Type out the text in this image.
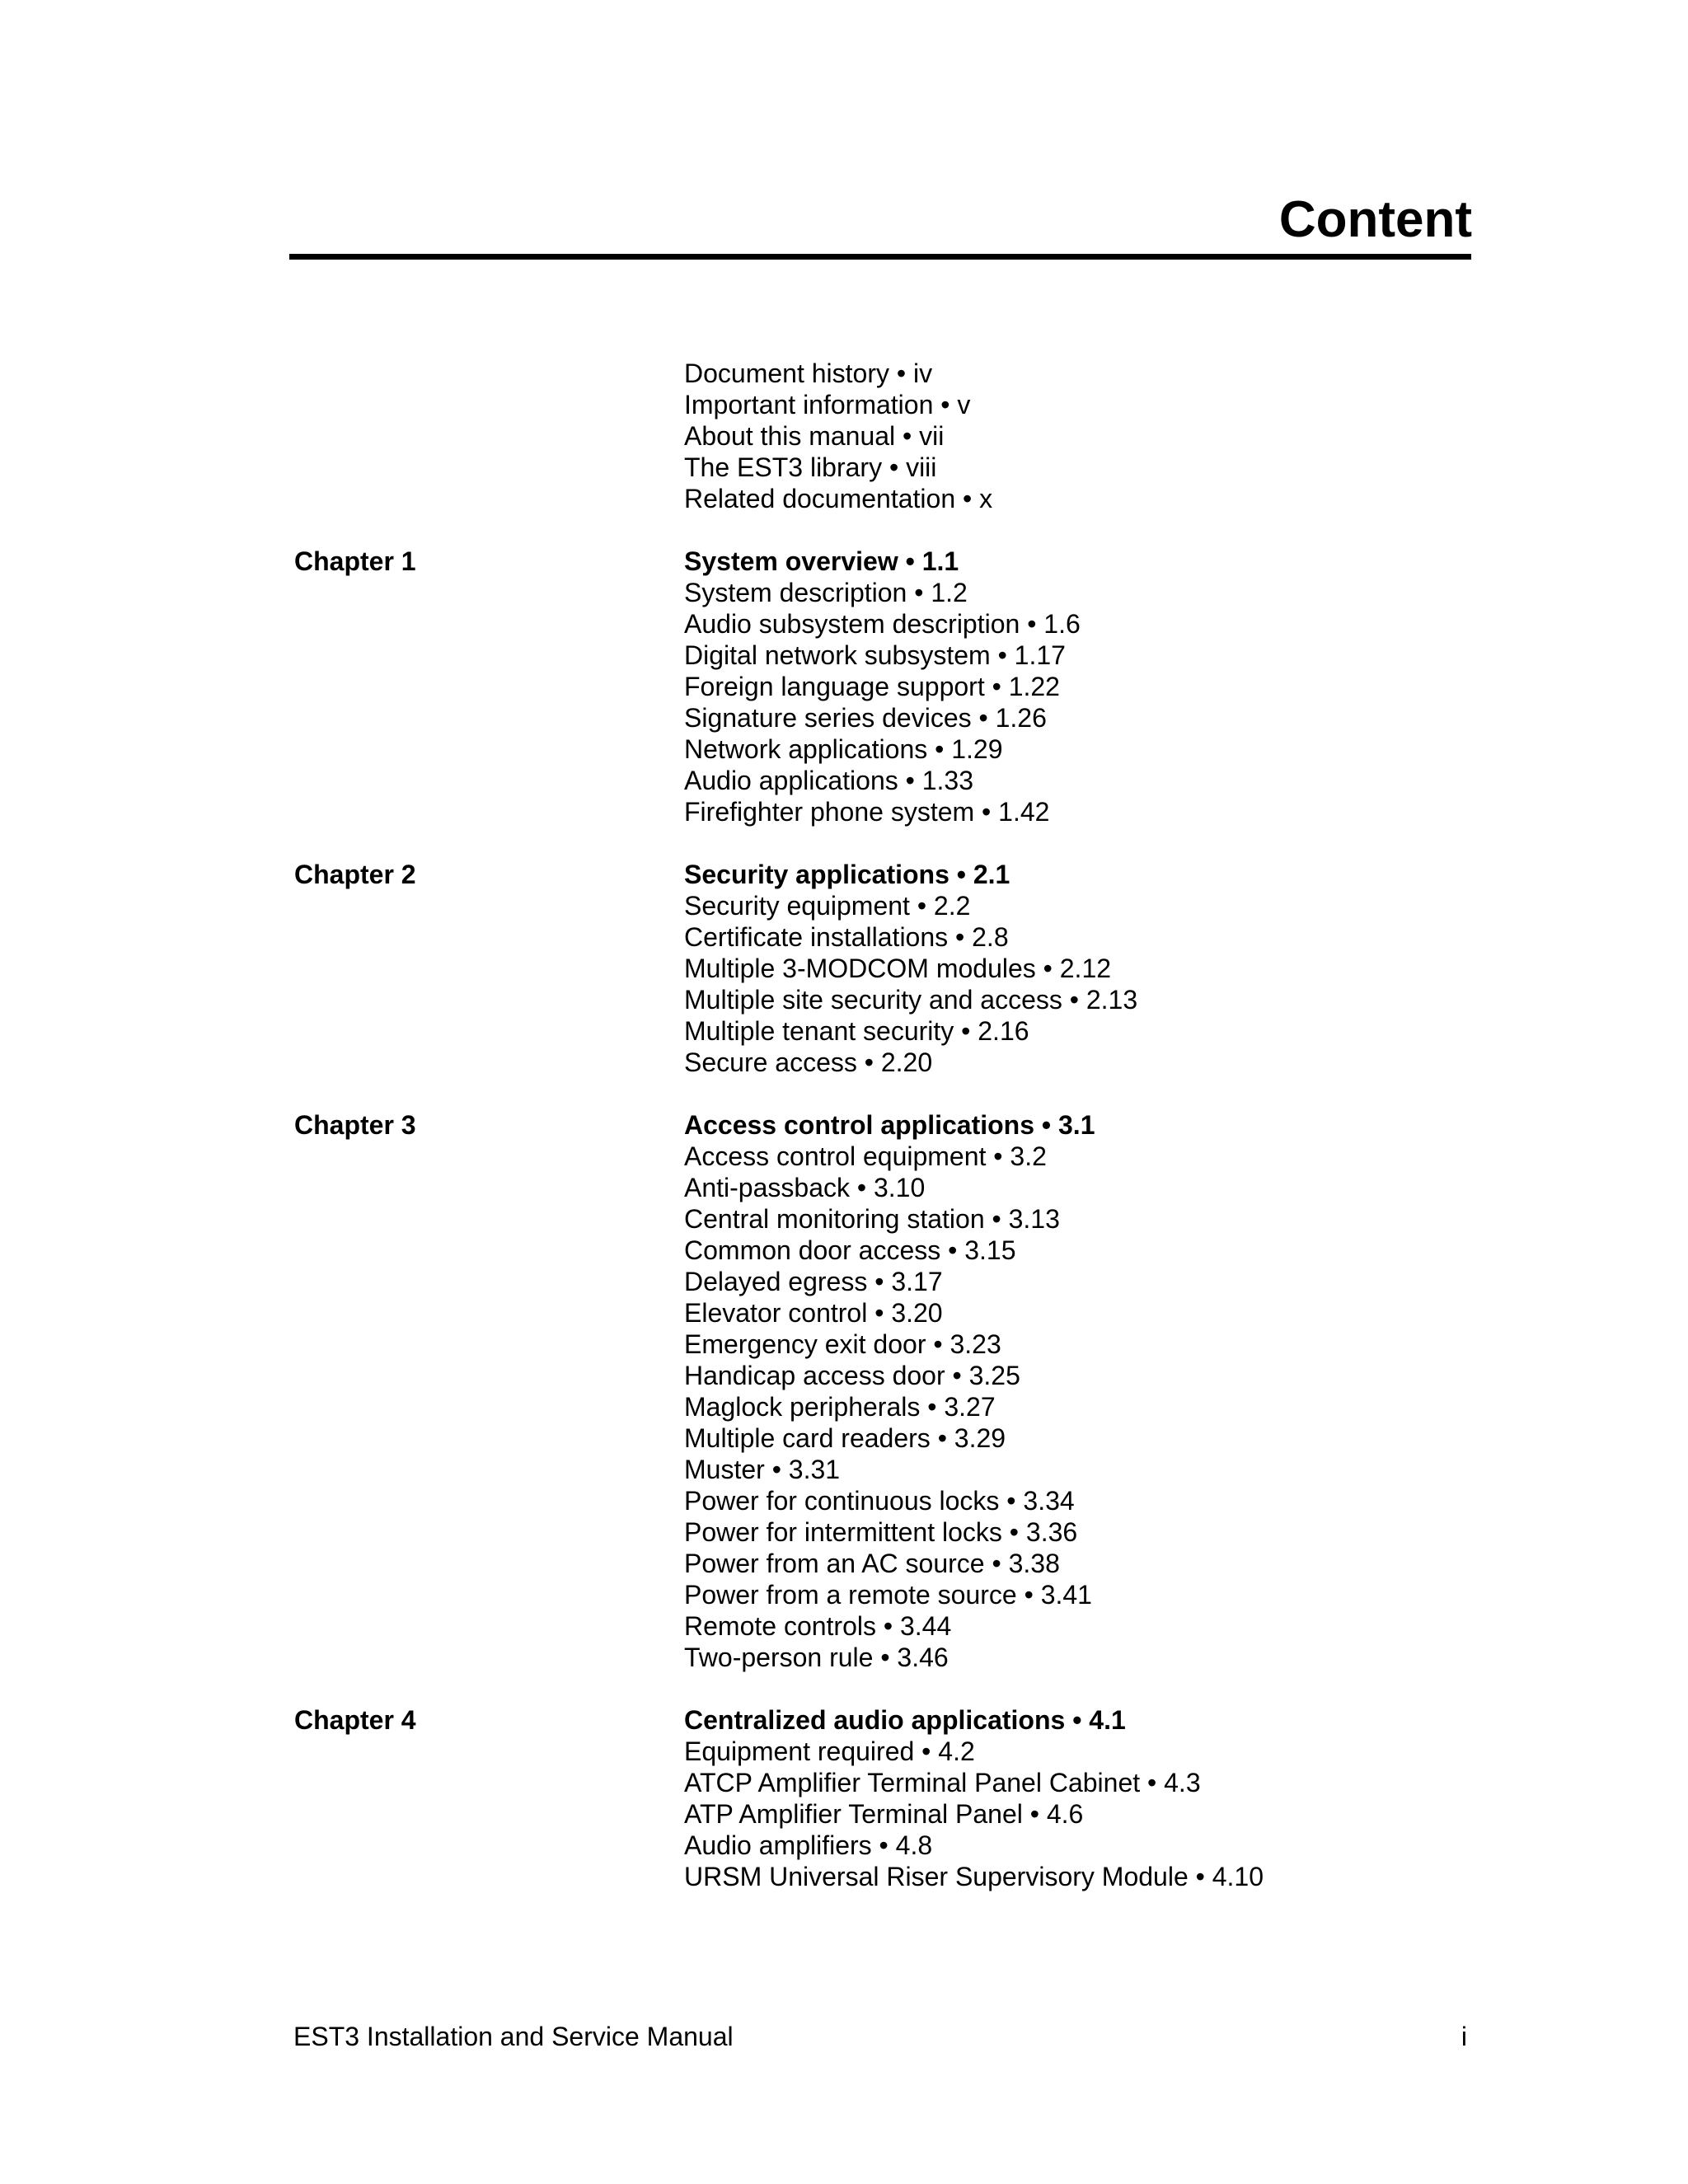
Content
Document history • iv
Important information • v
About this manual • vii
The EST3 library • viii
Related documentation • x
Chapter 1	System overview • 1.1
System description • 1.2
Audio subsystem description • 1.6
Digital network subsystem • 1.17
Foreign language support • 1.22
Signature series devices • 1.26
Network applications • 1.29
Audio applications • 1.33
Firefighter phone system • 1.42
Chapter 2	Security applications • 2.1
Security equipment • 2.2
Certificate installations • 2.8
Multiple 3-MODCOM modules • 2.12
Multiple site security and access • 2.13
Multiple tenant security • 2.16
Secure access • 2.20
Chapter 3	Access control applications • 3.1
Access control equipment • 3.2
Anti-passback • 3.10
Central monitoring station • 3.13
Common door access • 3.15
Delayed egress • 3.17
Elevator control • 3.20
Emergency exit door • 3.23
Handicap access door • 3.25
Maglock peripherals • 3.27
Multiple card readers • 3.29
Muster • 3.31
Power for continuous locks • 3.34
Power for intermittent locks • 3.36
Power from an AC source • 3.38
Power from a remote source • 3.41
Remote controls • 3.44
Two-person rule • 3.46
Chapter 4	Centralized audio applications • 4.1
Equipment required • 4.2
ATCP Amplifier Terminal Panel Cabinet • 4.3
ATP Amplifier Terminal Panel • 4.6
Audio amplifiers • 4.8
URSM Universal Riser Supervisory Module • 4.10
EST3 Installation and Service Manual	i
